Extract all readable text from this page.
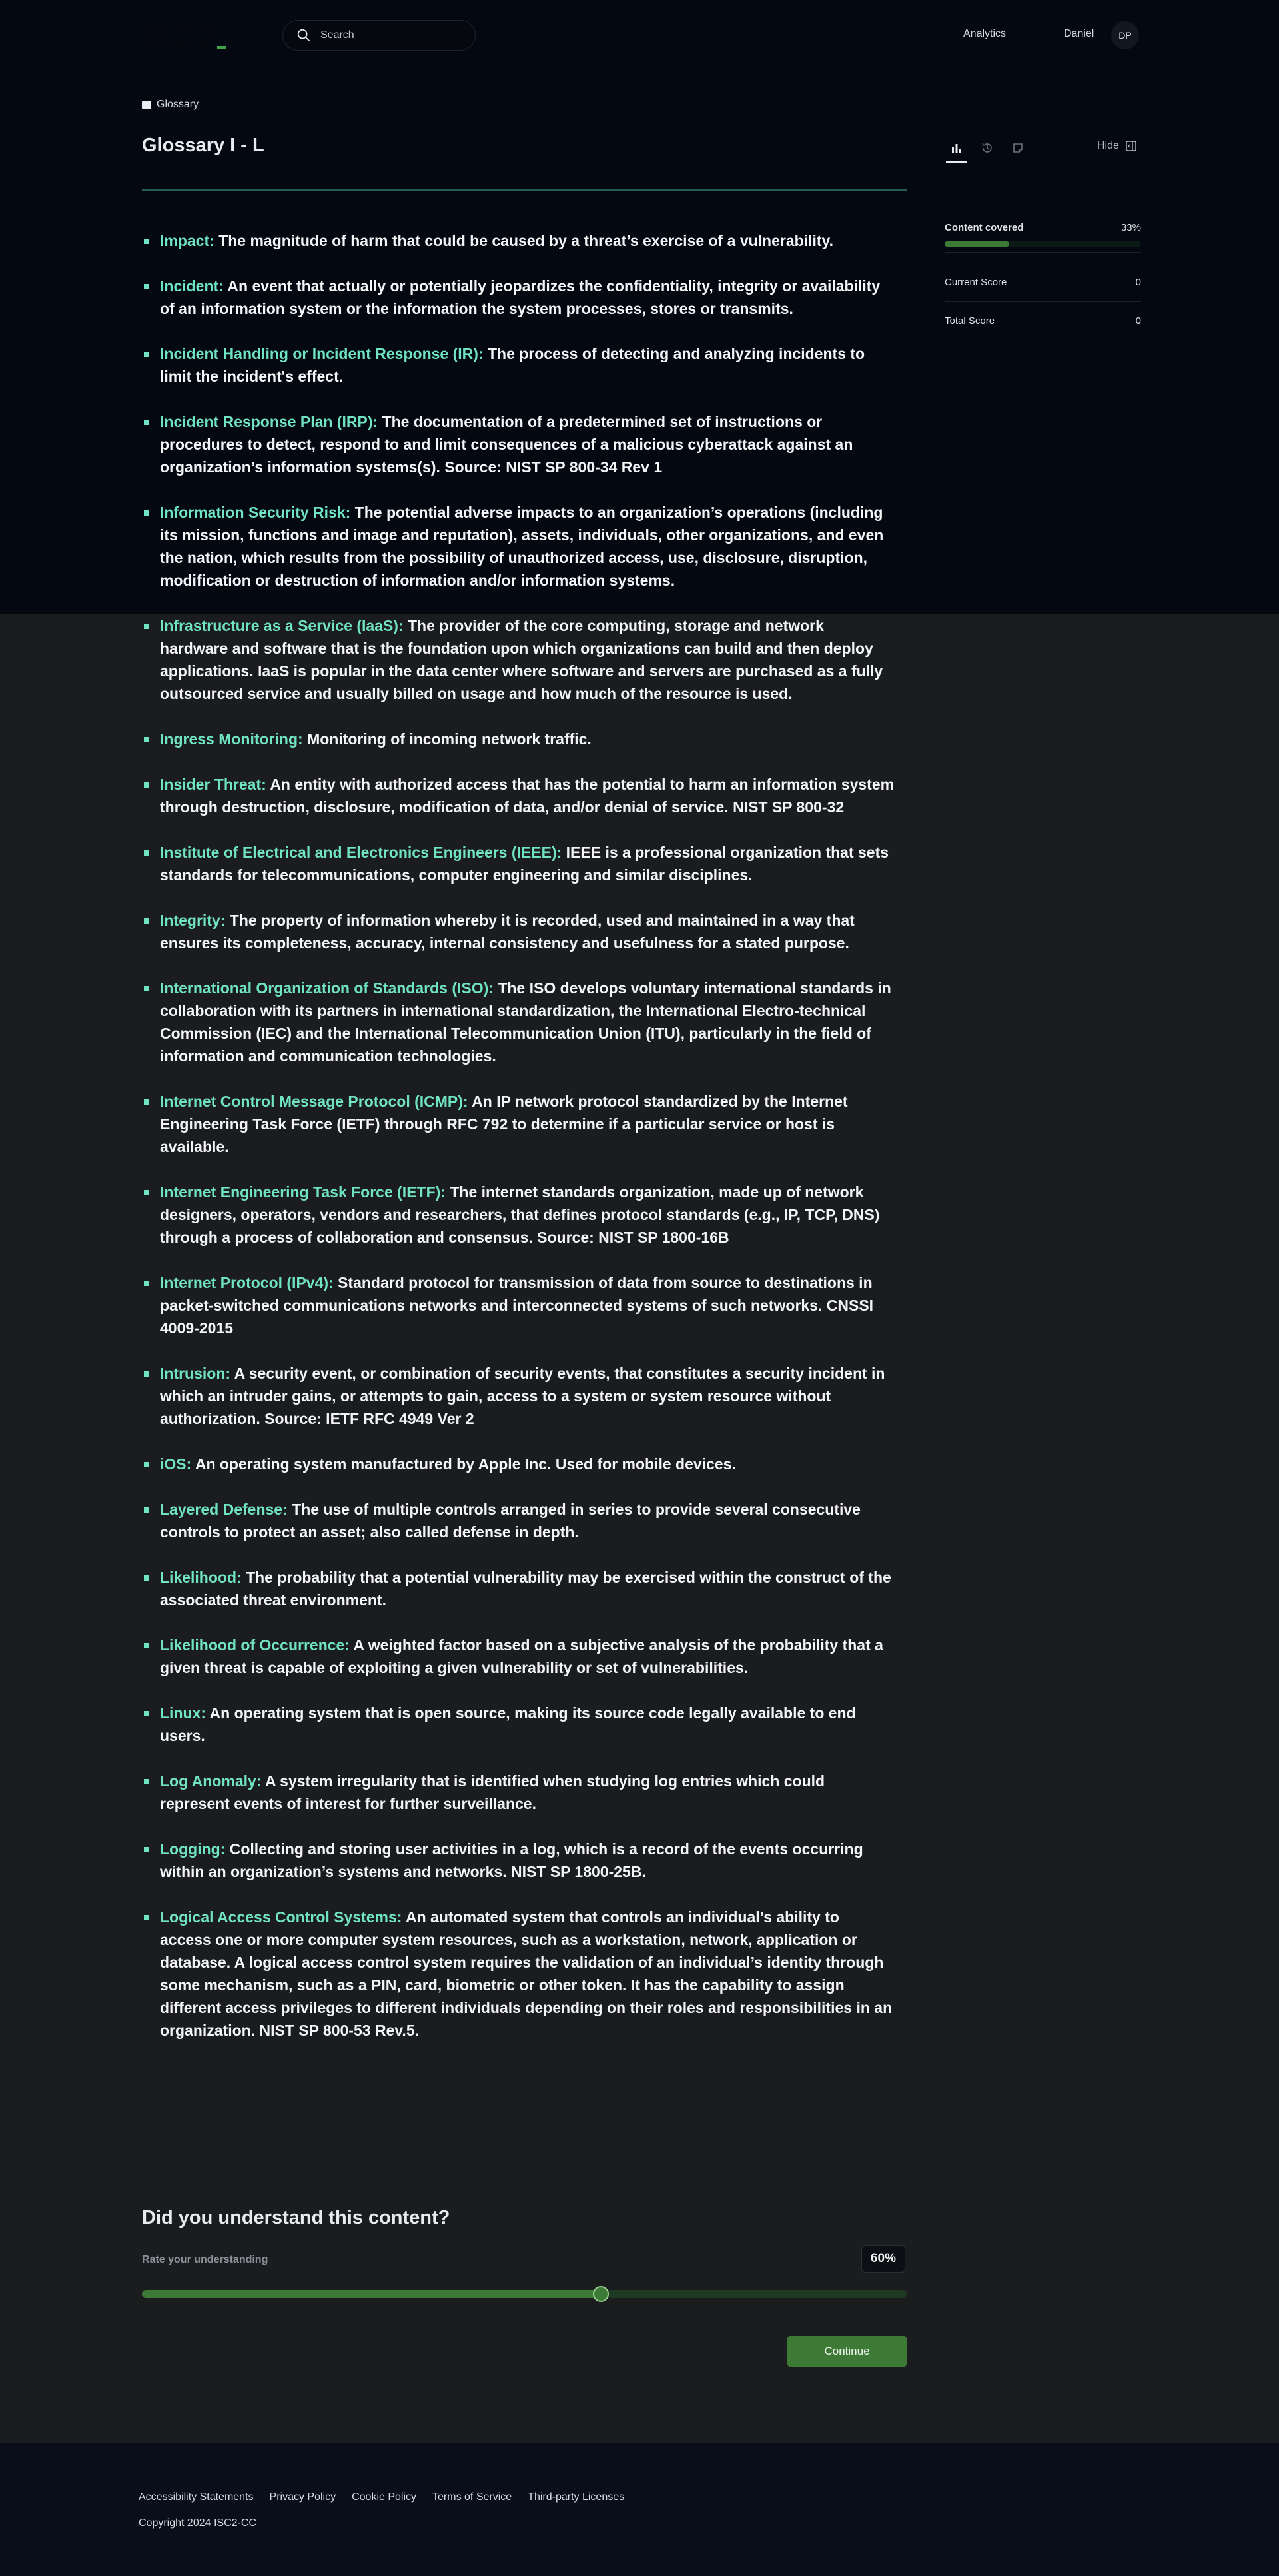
ISC2
Search	Analytics	Daniel	DP
Glossary
Glossary I - L
Impact: The magnitude of harm that could be caused by a threat’s exercise of a vulnerability.
Incident: An event that actually or potentially jeopardizes the confidentiality, integrity or availability of an information system or the information the system processes, stores or transmits.
Incident Handling or Incident Response (IR): The process of detecting and analyzing incidents to limit the incident's effect.
Incident Response Plan (IRP): The documentation of a predetermined set of instructions or procedures to detect, respond to and limit consequences of a malicious cyberattack against an organization’s information systems(s). Source: NIST SP 800-34 Rev 1
Information Security Risk: The potential adverse impacts to an organization’s operations (including its mission, functions and image and reputation), assets, individuals, other organizations, and even the nation, which results from the possibility of unauthorized access, use, disclosure, disruption, modification or destruction of information and/or information systems.
Infrastructure as a Service (IaaS): The provider of the core computing, storage and network hardware and software that is the foundation upon which organizations can build and then deploy applications. IaaS is popular in the data center where software and servers are purchased as a fully outsourced service and usually billed on usage and how much of the resource is used.
Ingress Monitoring: Monitoring of incoming network traffic.
Insider Threat: An entity with authorized access that has the potential to harm an information system through destruction, disclosure, modification of data, and/or denial of service. NIST SP 800-32
Institute of Electrical and Electronics Engineers (IEEE): IEEE is a professional organization that sets standards for telecommunications, computer engineering and similar disciplines.
Integrity: The property of information whereby it is recorded, used and maintained in a way that ensures its completeness, accuracy, internal consistency and usefulness for a stated purpose.
International Organization of Standards (ISO): The ISO develops voluntary international standards in collaboration with its partners in international standardization, the International Electro-technical Commission (IEC) and the International Telecommunication Union (ITU), particularly in the field of information and communication technologies.
Internet Control Message Protocol (ICMP): An IP network protocol standardized by the Internet Engineering Task Force (IETF) through RFC 792 to determine if a particular service or host is available.
Internet Engineering Task Force (IETF): The internet standards organization, made up of network designers, operators, vendors and researchers, that defines protocol standards (e.g., IP, TCP, DNS) through a process of collaboration and consensus. Source: NIST SP 1800-16B
Internet Protocol (IPv4): Standard protocol for transmission of data from source to destinations in packet-switched communications networks and interconnected systems of such networks. CNSSI 4009-2015
Intrusion: A security event, or combination of security events, that constitutes a security incident in which an intruder gains, or attempts to gain, access to a system or system resource without authorization. Source: IETF RFC 4949 Ver 2
iOS: An operating system manufactured by Apple Inc. Used for mobile devices.
Layered Defense: The use of multiple controls arranged in series to provide several consecutive controls to protect an asset; also called defense in depth.
Likelihood: The probability that a potential vulnerability may be exercised within the construct of the associated threat environment.
Likelihood of Occurrence: A weighted factor based on a subjective analysis of the probability that a given threat is capable of exploiting a given vulnerability or set of vulnerabilities.
Linux: An operating system that is open source, making its source code legally available to end users.
Log Anomaly: A system irregularity that is identified when studying log entries which could represent events of interest for further surveillance.
Logging: Collecting and storing user activities in a log, which is a record of the events occurring within an organization’s systems and networks. NIST SP 1800-25B.
Logical Access Control Systems: An automated system that controls an individual’s ability to access one or more computer system resources, such as a workstation, network, application or database. A logical access control system requires the validation of an individual’s identity through some mechanism, such as a PIN, card, biometric or other token. It has the capability to assign different access privileges to different individuals depending on their roles and responsibilities in an organization. NIST SP 800-53 Rev.5.
Did you understand this content?
Rate your understanding	60%
Continue
Hide
Content covered	33%
Current Score	0
Total Score	0
Accessibility Statements Privacy Policy Cookie Policy Terms of Service Third-party Licenses
Copyright 2024 ISC2-CC
